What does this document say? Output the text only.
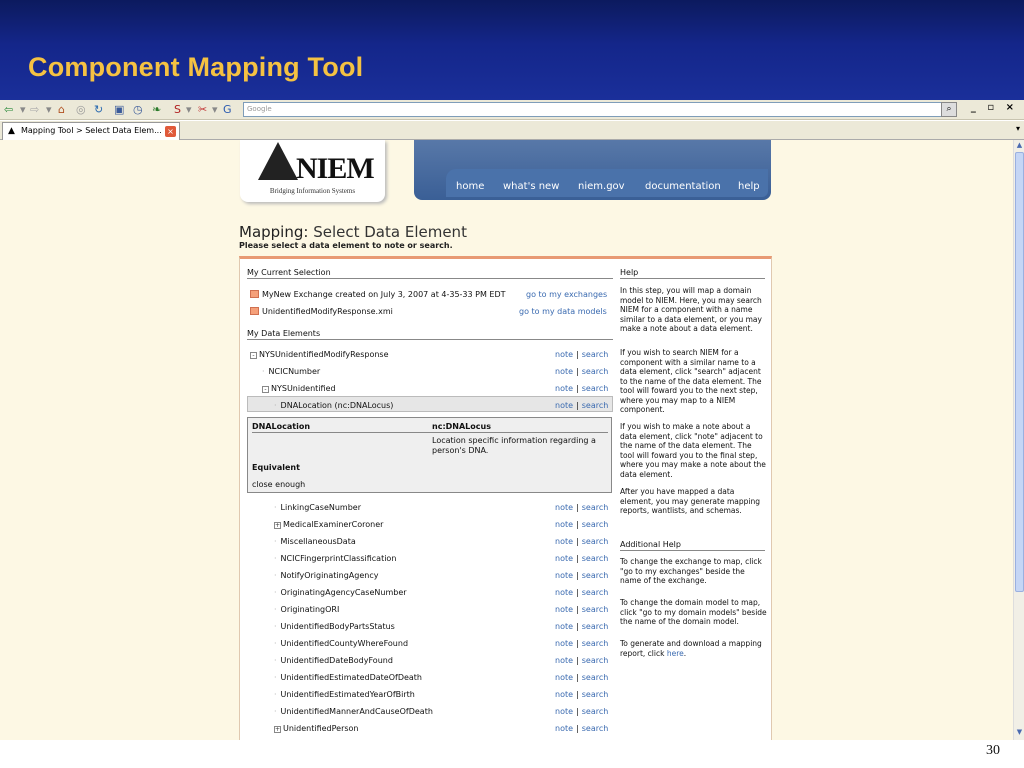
Component Mapping Tool
⇦ ▾ ⇨ ▾ ⌂ ◎ ↻ ▣ ◷ ❧ S ▾ ✂ ▾ G	Google	⌕	_ ▫ ×
▲ Mapping Tool > Select Data Elem... ×	▾
NIEM
Bridging Information Systems	home what's new niem.gov documentation help
Mapping: Select Data Element
Please select a data element to note or search.
My Current Selection
MyNew Exchange created on July 3, 2007 at 4-35-33 PM EDT	go to my exchanges
UnidentifiedModifyResponse.xmi	go to my data models
My Data Elements
- NYSUnidentifiedModifyResponse	note | search
· NCICNumber	note | search
- NYSUnidentified	note | search
· DNALocation (nc:DNALocus)	note | search
· LinkingCaseNumber	note | search
+ MedicalExaminerCoroner	note | search
· MiscellaneousData	note | search
· NCICFingerprintClassification	note | search
· NotifyOriginatingAgency	note | search
· OriginatingAgencyCaseNumber	note | search
· OriginatingORI	note | search
· UnidentifiedBodyPartsStatus	note | search
· UnidentifiedCountyWhereFound	note | search
· UnidentifiedDateBodyFound	note | search
· UnidentifiedEstimatedDateOfDeath	note | search
· UnidentifiedEstimatedYearOfBirth	note | search
· UnidentifiedMannerAndCauseOfDeath	note | search
+ UnidentifiedPerson	note | search
Help
In this step, you will map a domain model to NIEM. Here, you may search NIEM for a component with a name similar to a data element, or you may make a note about a data element.
If you wish to search NIEM for a component with a similar name to a data element, click "search" adjacent to the name of the data element. The tool will foward you to the next step, where you may map to a NIEM component.
If you wish to make a note about a data element, click "note" adjacent to the name of the data element. The tool will foward you to the final step, where you may make a note about the data element.
After you have mapped a data element, you may generate mapping reports, wantlists, and schemas.
Additional Help
To change the exchange to map, click "go to my exchanges" beside the name of the exchange.
To change the domain model to map, click "go to my domain models" beside the name of the domain model.
To generate and download a mapping report, click here.
DNALocation	nc:DNALocus
Location specific information regarding a person's DNA.
Equivalent
close enough
▲
▼
30
